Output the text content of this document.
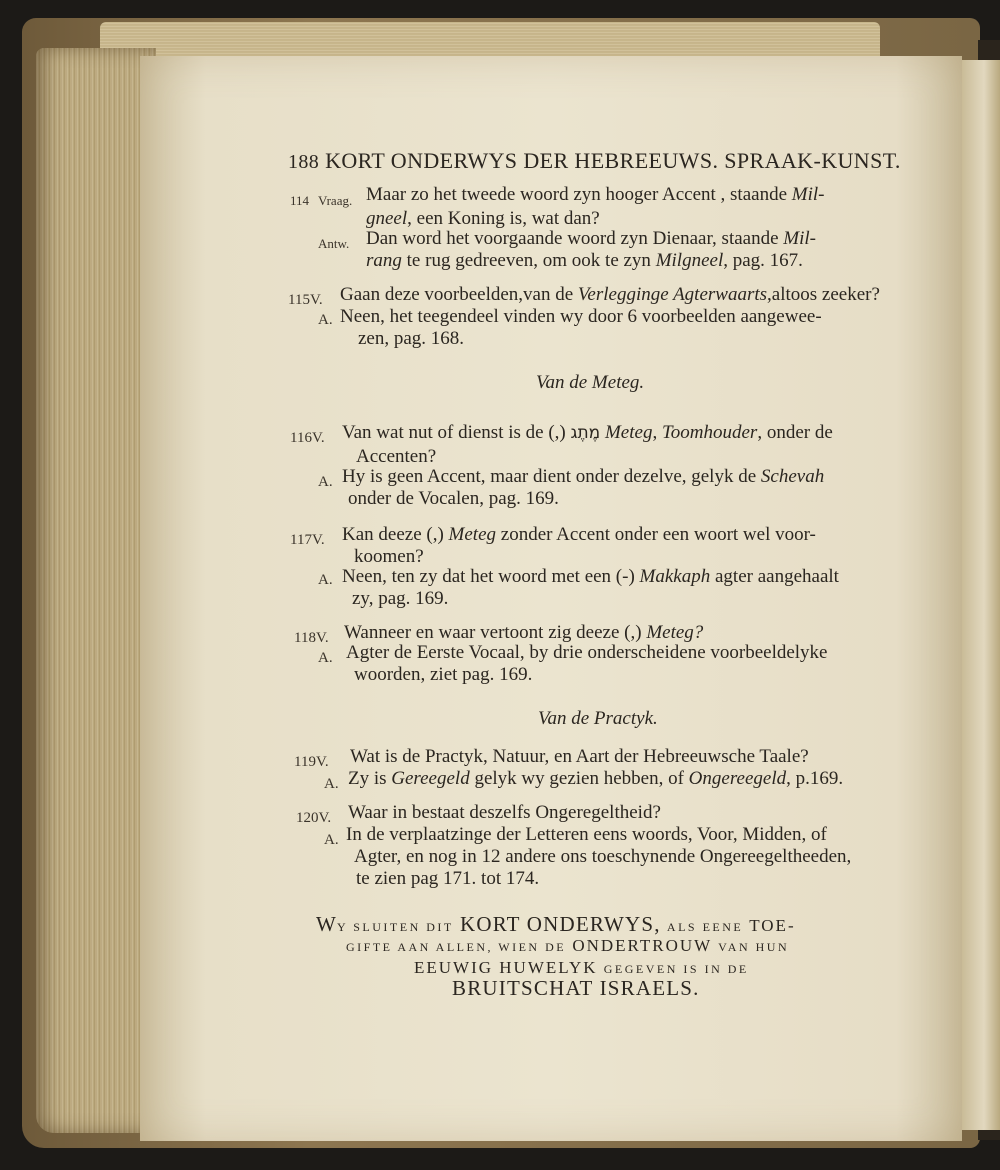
188 KORT ONDERWYS DER HEBREEUWS. SPRAAK-KUNST.
114 Vraag. Maar zo het tweede woord zyn hooger Accent , staande Mil-
gneel, een Koning is, wat dan?
Antw. Dan word het voorgaande woord zyn Dienaar, staande Mil-
rang te rug gedreeven, om ook te zyn Milgneel, pag. 167.
115V. Gaan deze voorbeelden,van de Verlegginge Agterwaarts,altoos zeeker?
A. Neen, het teegendeel vinden wy door 6 voorbeelden aangewee-
zen, pag. 168.
Van de Meteg.
116V. Van wat nut of dienst is de (,) מֶתֶג Meteg, Toomhouder, onder de
Accenten?
A. Hy is geen Accent, maar dient onder dezelve, gelyk de Schevah
onder de Vocalen, pag. 169.
117V. Kan deeze (,) Meteg zonder Accent onder een woort wel voor-
koomen?
A. Neen, ten zy dat het woord met een (-) Makkaph agter aangehaalt
zy, pag. 169.
118V. Wanneer en waar vertoont zig deeze (,) Meteg?
A. Agter de Eerste Vocaal, by drie onderscheidene voorbeeldelyke
woorden, ziet pag. 169.
Van de Practyk.
119V. Wat is de Practyk, Natuur, en Aart der Hebreeuwsche Taale?
A. Zy is Gereegeld gelyk wy gezien hebben, of Ongereegeld, p.169.
120V. Waar in bestaat deszelfs Ongeregeltheid?
A. In de verplaatzinge der Letteren eens woords, Voor, Midden, of
Agter, en nog in 12 andere ons toeschynende Ongereegeltheeden,
te zien pag 171. tot 174.
WY SLUITEN DIT KORT ONDERWYS, ALS EENE TOE-
GIFTE AAN ALLEN, WIEN DE ONDERTROUW VAN HUN
EEUWIG HUWELYK GEGEVEN IS IN DE
BRUITSCHAT ISRAELS.
